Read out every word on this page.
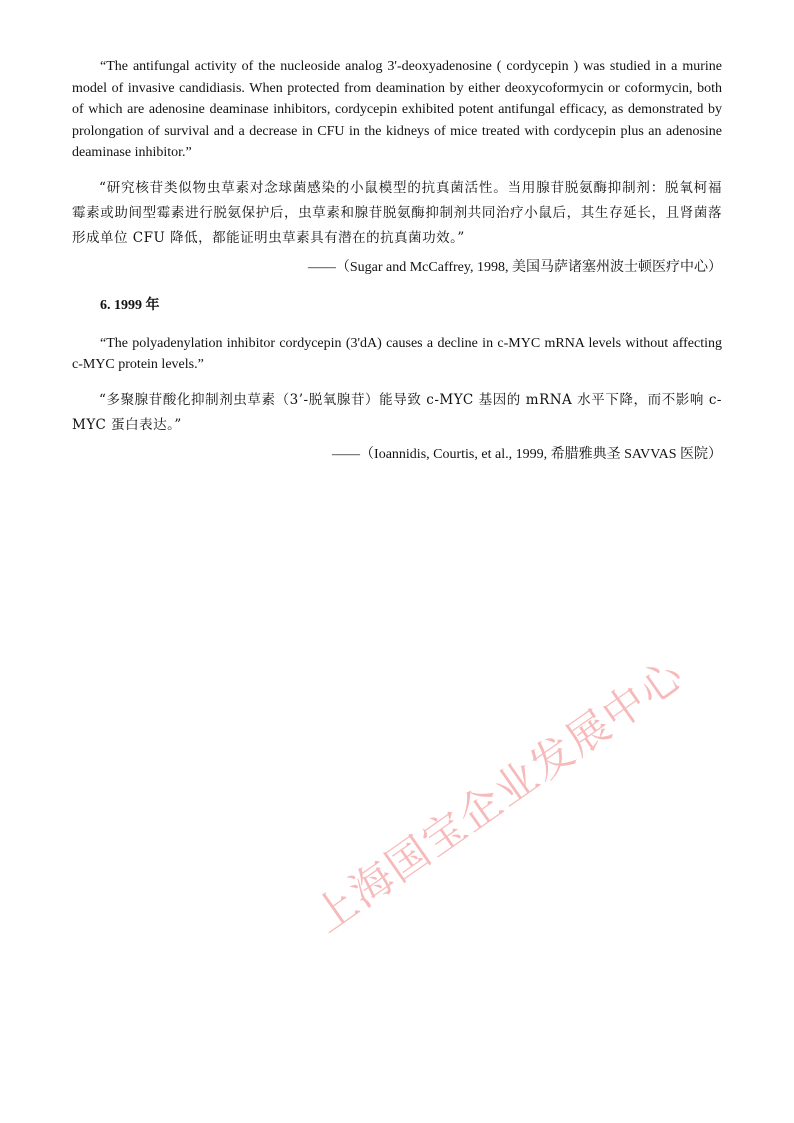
“The antifungal activity of the nucleoside analog 3'-deoxyadenosine ( cordycepin ) was studied in a murine model of invasive candidiasis. When protected from deamination by either deoxycoformycin or coformycin, both of which are adenosine deaminase inhibitors, cordycepin exhibited potent antifungal efficacy, as demonstrated by prolongation of survival and a decrease in CFU in the kidneys of mice treated with cordycepin plus an adenosine deaminase inhibitor.”

“研究核苷类似物虫草素对念球菌感染的小鼠模型的抗真菌活性。当用腺苷脱氨酶抑制剂：脱氧柯福霉素或助间型霉素进行脱氨保护后，虫草素和腺苷脱氨酶抑制剂共同治疗小鼠后，其生存延长，且肾菌落形成单位 CFU 降低，都能证明虫草素具有潜在的抗真菌功效。”

——（Sugar and McCaffrey, 1998, 美国马萨诸塞州波士顿医疗中心）

6. 1999 年

“The polyadenylation inhibitor cordycepin (3'dA) causes a decline in c-MYC mRNA levels without affecting c-MYC protein levels.”

“多聚腺苷酸化抑制剂虫草素（3’-脱氧腺苷）能导致 c-MYC 基因的 mRNA 水平下降，而不影响 c-MYC 蛋白表达。”

——（Ioannidis, Courtis, et al., 1999, 希腊雅典圣 SAVVAS 医院）

上海国宝企业发展中心
